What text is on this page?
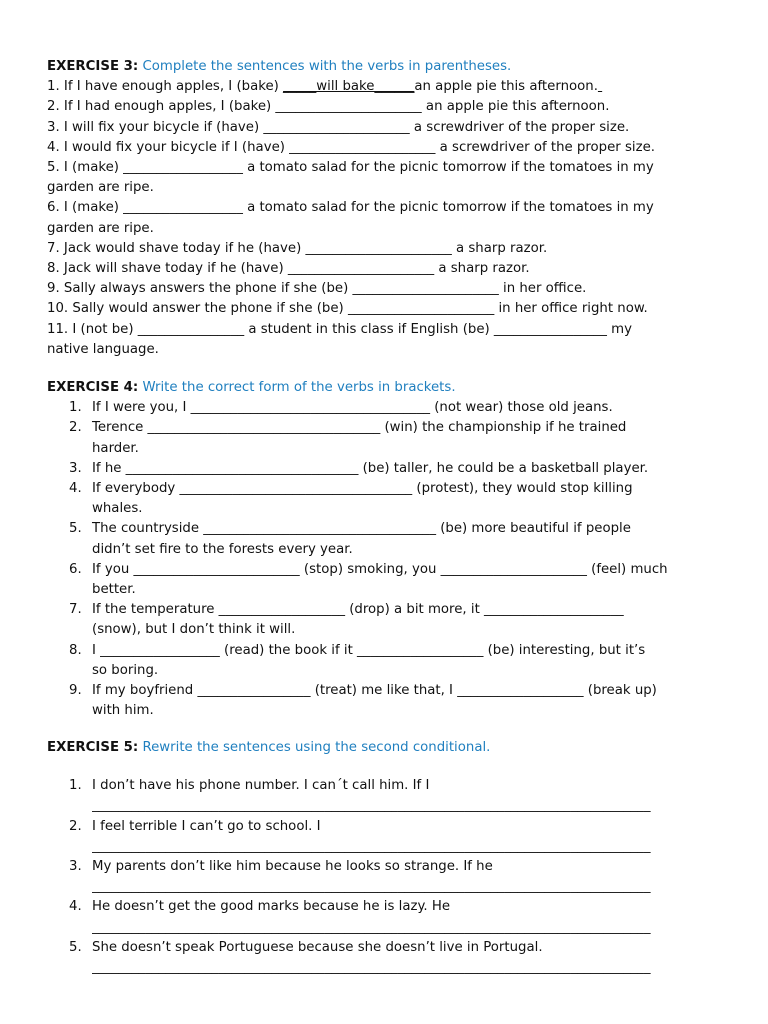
EXERCISE 3: Complete the sentences with the verbs in parentheses.
1. If I have enough apples, I (bake) _____will bake______an apple pie this afternoon.
2. If I had enough apples, I (bake) ______________________ an apple pie this afternoon.
3. I will fix your bicycle if (have) ______________________ a screwdriver of the proper size.
4. I would fix your bicycle if I (have) ______________________ a screwdriver of the proper size.
5. I (make) __________________ a tomato salad for the picnic tomorrow if the tomatoes in my
garden are ripe.
6. I (make) __________________ a tomato salad for the picnic tomorrow if the tomatoes in my
garden are ripe.
7. Jack would shave today if he (have) ______________________ a sharp razor.
8. Jack will shave today if he (have) ______________________ a sharp razor.
9. Sally always answers the phone if she (be) ______________________ in her office.
10. Sally would answer the phone if she (be) ______________________ in her office right now.
11. I (not be) ________________ a student in this class if English (be) _________________ my
native language.
EXERCISE 4: Write the correct form of the verbs in brackets.
1. If I were you, I ____________________________________ (not wear) those old jeans.
2. Terence ___________________________________ (win) the championship if he trained
harder.
3. If he ___________________________________ (be) taller, he could be a basketball player.
4. If everybody ___________________________________ (protest), they would stop killing
whales.
5. The countryside ___________________________________ (be) more beautiful if people
didn’t set fire to the forests every year.
6. If you _________________________ (stop) smoking, you ______________________ (feel) much
better.
7. If the temperature ___________________ (drop) a bit more, it _____________________
(snow), but I don’t think it will.
8. I __________________ (read) the book if it ___________________ (be) interesting, but it’s
so boring.
9. If my boyfriend _________________ (treat) me like that, I ___________________ (break up)
with him.
EXERCISE 5: Rewrite the sentences using the second conditional.
1. I don’t have his phone number. I can´t call him. If I
____________________________________________________________________________________
2. I feel terrible I can’t go to school. I
____________________________________________________________________________________
3. My parents don’t like him because he looks so strange. If he
____________________________________________________________________________________
4. He doesn’t get the good marks because he is lazy. He
____________________________________________________________________________________
5. She doesn’t speak Portuguese because she doesn’t live in Portugal.
____________________________________________________________________________________
